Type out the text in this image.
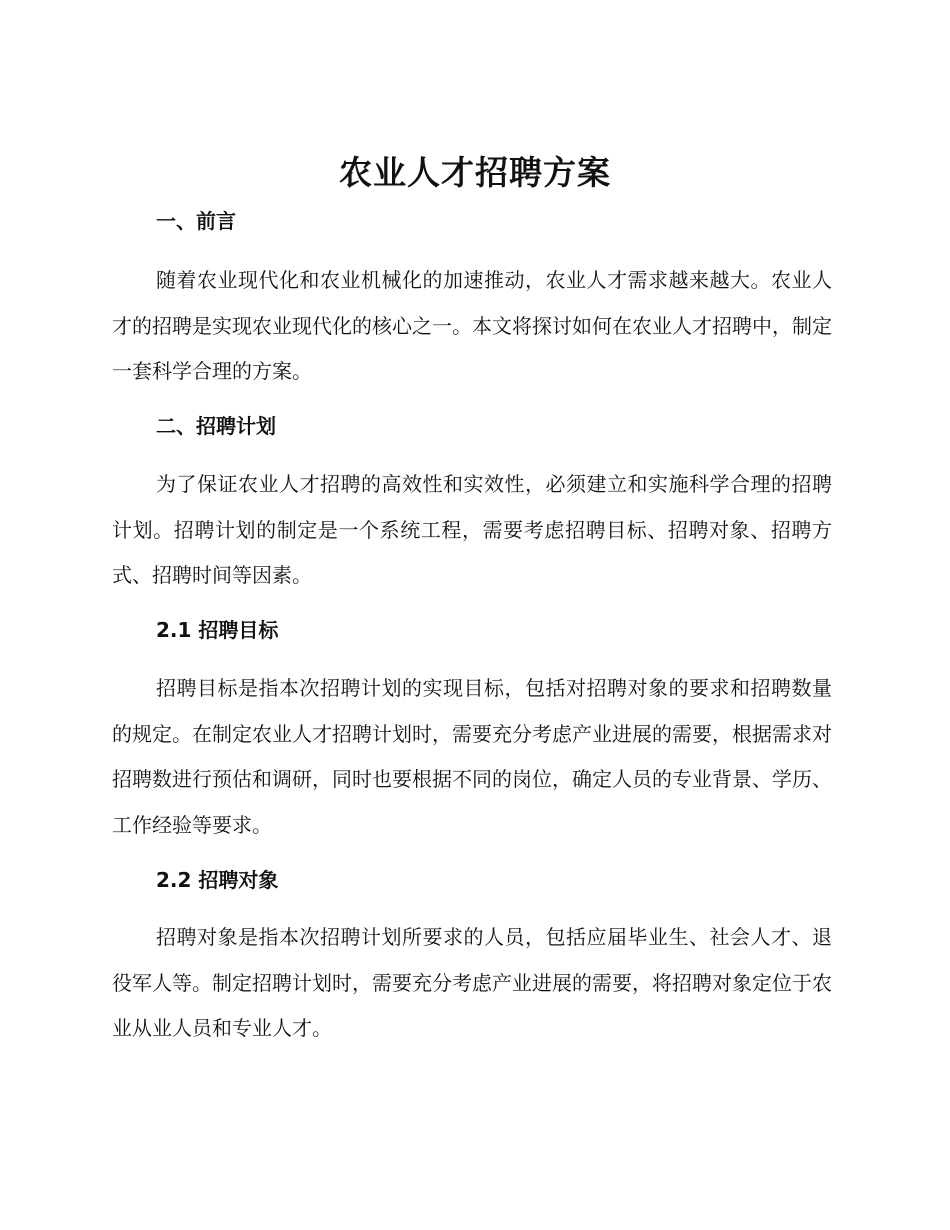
农业人才招聘方案
一、前言

随着农业现代化和农业机械化的加速推动，农业人才需求越来越大。农业人才的招聘是实现农业现代化的核心之一。本文将探讨如何在农业人才招聘中，制定一套科学合理的方案。

二、招聘计划

为了保证农业人才招聘的高效性和实效性，必须建立和实施科学合理的招聘计划。招聘计划的制定是一个系统工程，需要考虑招聘目标、招聘对象、招聘方式、招聘时间等因素。

2.1 招聘目标

招聘目标是指本次招聘计划的实现目标，包括对招聘对象的要求和招聘数量的规定。在制定农业人才招聘计划时，需要充分考虑产业进展的需要，根据需求对招聘数进行预估和调研，同时也要根据不同的岗位，确定人员的专业背景、学历、工作经验等要求。

2.2 招聘对象

招聘对象是指本次招聘计划所要求的人员，包括应届毕业生、社会人才、退役军人等。制定招聘计划时，需要充分考虑产业进展的需要，将招聘对象定位于农业从业人员和专业人才。
